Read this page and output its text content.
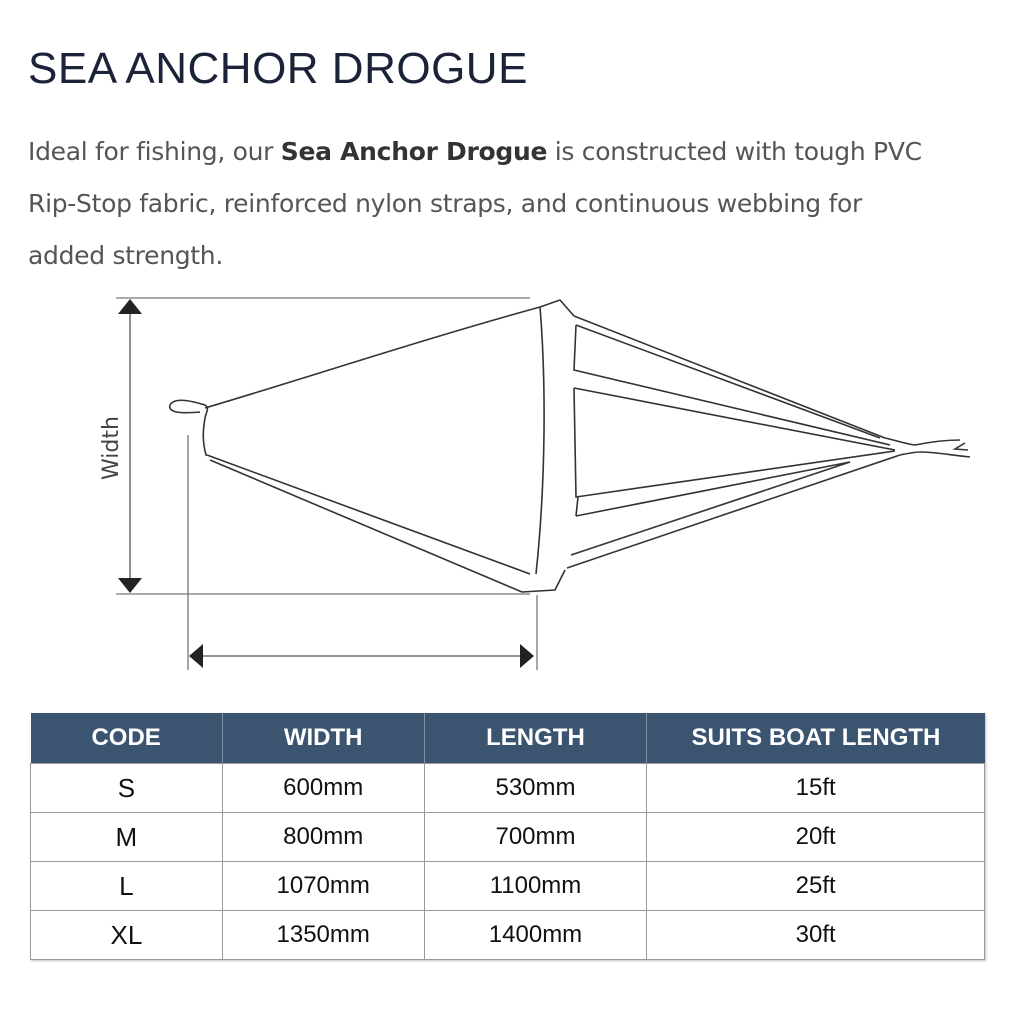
SEA ANCHOR DROGUE
Ideal for fishing, our Sea Anchor Drogue is constructed with tough PVC Rip-Stop fabric, reinforced nylon straps, and continuous webbing for added strength.
Width
CODE	WIDTH	LENGTH	SUITS BOAT LENGTH
S	600mm	530mm	15ft
M	800mm	700mm	20ft
L	1070mm	1100mm	25ft
XL	1350mm	1400mm	30ft
